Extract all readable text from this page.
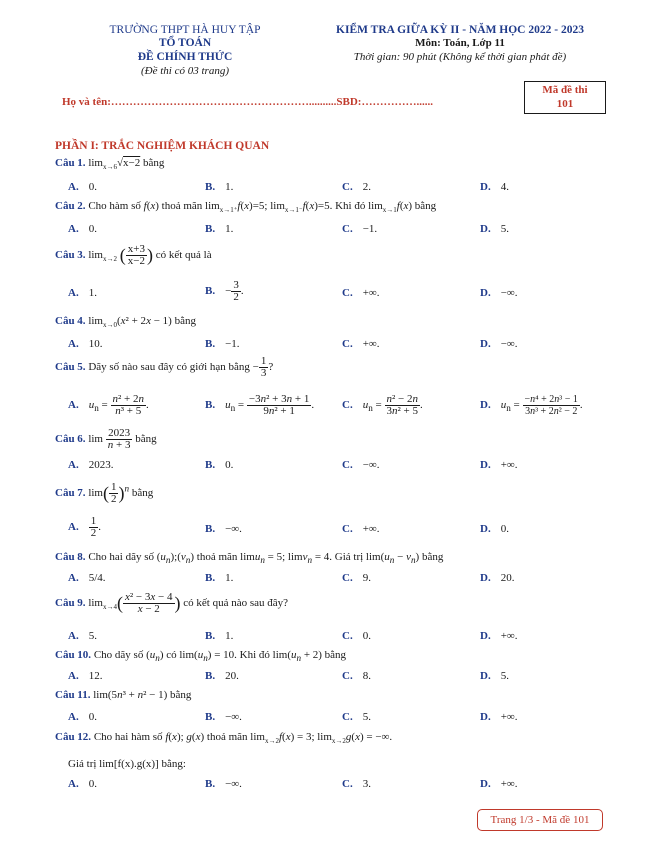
TRƯỜNG THPT HÀ HUY TẬP
TỔ TOÁN
ĐỀ CHÍNH THỨC
(Đề thi có 03 trang)
KIỂM TRA GIỮA KỲ II - NĂM HỌC 2022 - 2023
Môn: Toán, Lớp 11
Thời gian: 90 phút (Không kể thời gian phát đề)
Mã đề thi
101
Họ và tên:………………………………………………..........SBD:……………......
PHẦN I: TRẮC NGHIỆM KHÁCH QUAN
Câu 1. $\lim_{x\to 6}√x-2$ bằng
A. 0.	B. 1.	C. 2.	D. 4.
Câu 2. Cho hàm số f(x) thoả mãn $\lim_{x\to 1^+}f(x)=5$; $\lim_{x\to 1^-}f(x)=5$. Khi đó $\lim_{x\to 1}f(x)$ bằng
A. 0.	B. 1.	C. −1.	D. 5.
Câu 3. $\lim_{x\to 2}$ ( $\frac{x+3}{x-2}$ ) có kết quả là
A. 1.	B. − $\frac{3}{2}$ .	C. +∞.	D. −∞.
Câu 4. $\lim_{x\to 0}(x^2 + 2x - 1)$ bằng
A. 10.	B. −1.	C. +∞.	D. −∞.
Câu 5. Dãy số nào sau đây có giới hạn bằng − $\frac{1}{3}$ ?
A. $u_n = \frac{\text{n² + 2n}}{\text{n³ + 5}}$ .	B. $u_n = \frac{\text{−3n² + 3n + 1}}{\text{9n² + 1}}$ .	C. $u_n = \frac{\text{n² − 2n}}{\text{3n² + 5}}$ .	D. $u_n = \frac{\text{−n⁴ + 2n³ − 1}}{\text{3n³ + 2n² − 2}}$ .
Câu 6. $\lim \frac{2023}{n + 3}$ bằng
A. 2023.	B. 0.	C. −∞.	D. +∞.
Câu 7. $\lim( \frac{1}{2} )^n$ bằng
A. $\frac{1}{2}$ .	B. −∞.	C. +∞.	D. 0.
Câu 8. Cho hai dãy số $(u_n);(v_n)$ thoả mãn limu$_n$ = 5; limv$_n$ = 4. Giá trị $\lim(u_n - v_n)$ bằng
A. 5/4.	B. 1.	C. 9.	D. 20.
Câu 9. $\lim_{x\to 4}( \frac{\text{x² − 3x − 4}}{x - 2}$ ) có kết quả nào sau đây?
A. 5.	B. 1.	C. 0.	D. +∞.
Câu 10. Cho dãy số $(u_n)$ có $\lim(u_n) = 10$. Khi đó $\lim(u_n + 2)$ bằng
A. 12.	B. 20.	C. 8.	D. 5.
Câu 11. lim(5n³ + n² − 1) bằng
A. 0.	B. −∞.	C. 5.	D. +∞.
Câu 12. Cho hai hàm số f(x); g(x) thoả mãn $\lim_{x\to 2}f(x) = 3$; $\lim_{x\to 2}g(x)$ = −∞.
Giá trị lim[f(x).g(x)] bằng:
A. 0.	B. −∞.	C. 3.	D. +∞.
Trang 1/3 - Mã đề 101
